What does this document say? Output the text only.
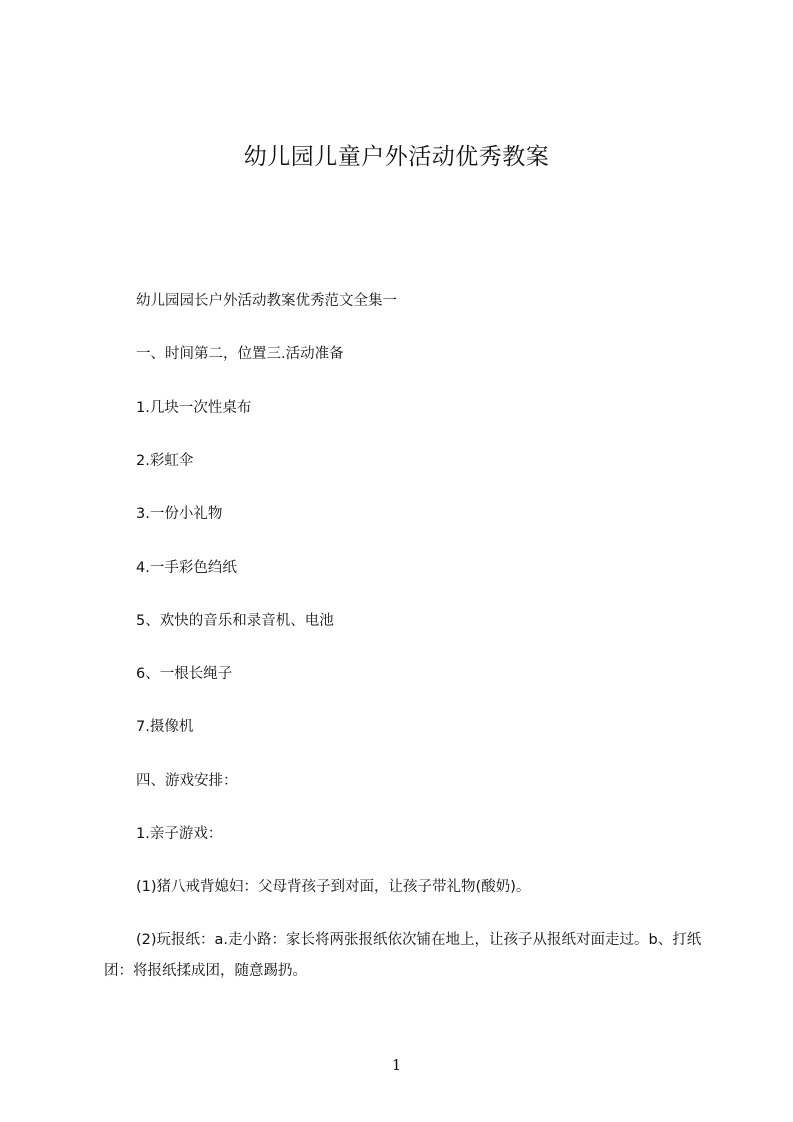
幼儿园儿童户外活动优秀教案
幼儿园园长户外活动教案优秀范文全集一
一、时间第二，位置三.活动准备
1.几块一次性桌布
2.彩虹伞
3.一份小礼物
4.一手彩色绉纸
5、欢快的音乐和录音机、电池
6、一根长绳子
7.摄像机
四、游戏安排：
1.亲子游戏：
(1)猪八戒背媳妇：父母背孩子到对面，让孩子带礼物(酸奶)。
(2)玩报纸：a.走小路：家长将两张报纸依次铺在地上，让孩子从报纸对面走过。b、打纸团：将报纸揉成团，随意踢扔。
1
